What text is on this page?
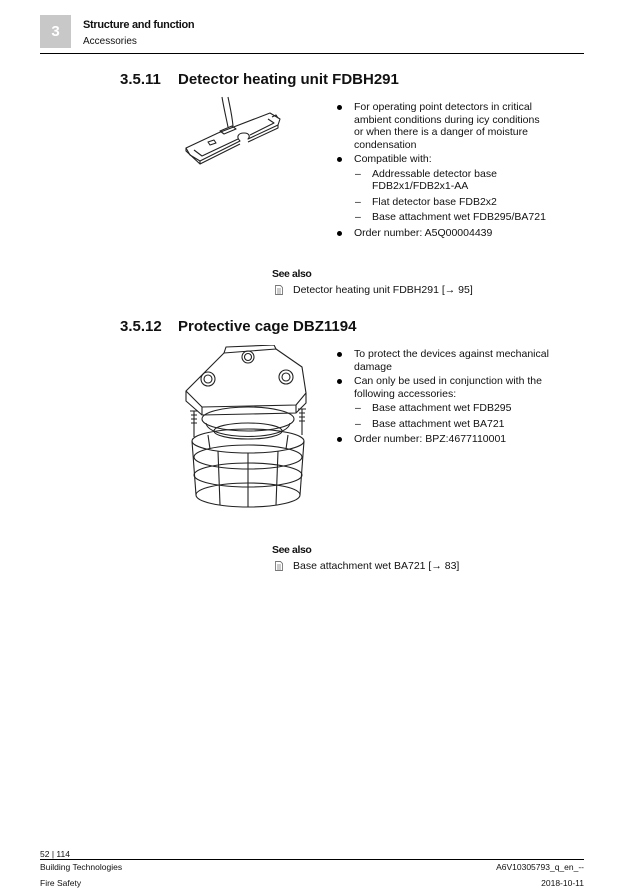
3	Structure and function
Accessories
3.5.11 Detector heating unit FDBH291
For operating point detectors in critical ambient conditions during icy conditions or when there is a danger of moisture condensation
Compatible with:
– Addressable detector base FDB2x1/FDB2x1-AA
– Flat detector base FDB2x2
– Base attachment wet FDB295/BA721
Order number: A5Q00004439
See also
Detector heating unit FDBH291 [→ 95]
3.5.12 Protective cage DBZ1194
To protect the devices against mechanical damage
Can only be used in conjunction with the following accessories:
– Base attachment wet FDB295
– Base attachment wet BA721
Order number: BPZ:4677110001
See also
Base attachment wet BA721 [→ 83]
52 | 114
Building Technologies
Fire Safety
A6V10305793_q_en_--
2018-10-11
